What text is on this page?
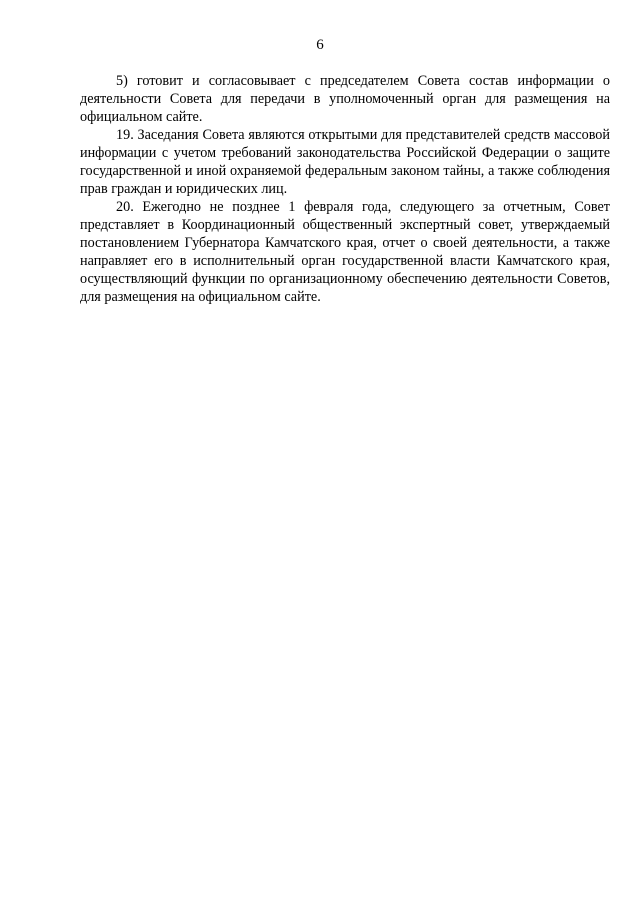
6

5) готовит и согласовывает с председателем Совета состав информации о деятельности Совета для передачи в уполномоченный орган для размещения на официальном сайте.

19. Заседания Совета являются открытыми для представителей средств массовой информации с учетом требований законодательства Российской Федерации о защите государственной и иной охраняемой федеральным законом тайны, а также соблюдения прав граждан и юридических лиц.

20. Ежегодно не позднее 1 февраля года, следующего за отчетным, Совет представляет в Координационный общественный экспертный совет, утверждаемый постановлением Губернатора Камчатского края, отчет о своей деятельности, а также направляет его в исполнительный орган государственной власти Камчатского края, осуществляющий функции по организационному обеспечению деятельности Советов, для размещения на официальном сайте.
